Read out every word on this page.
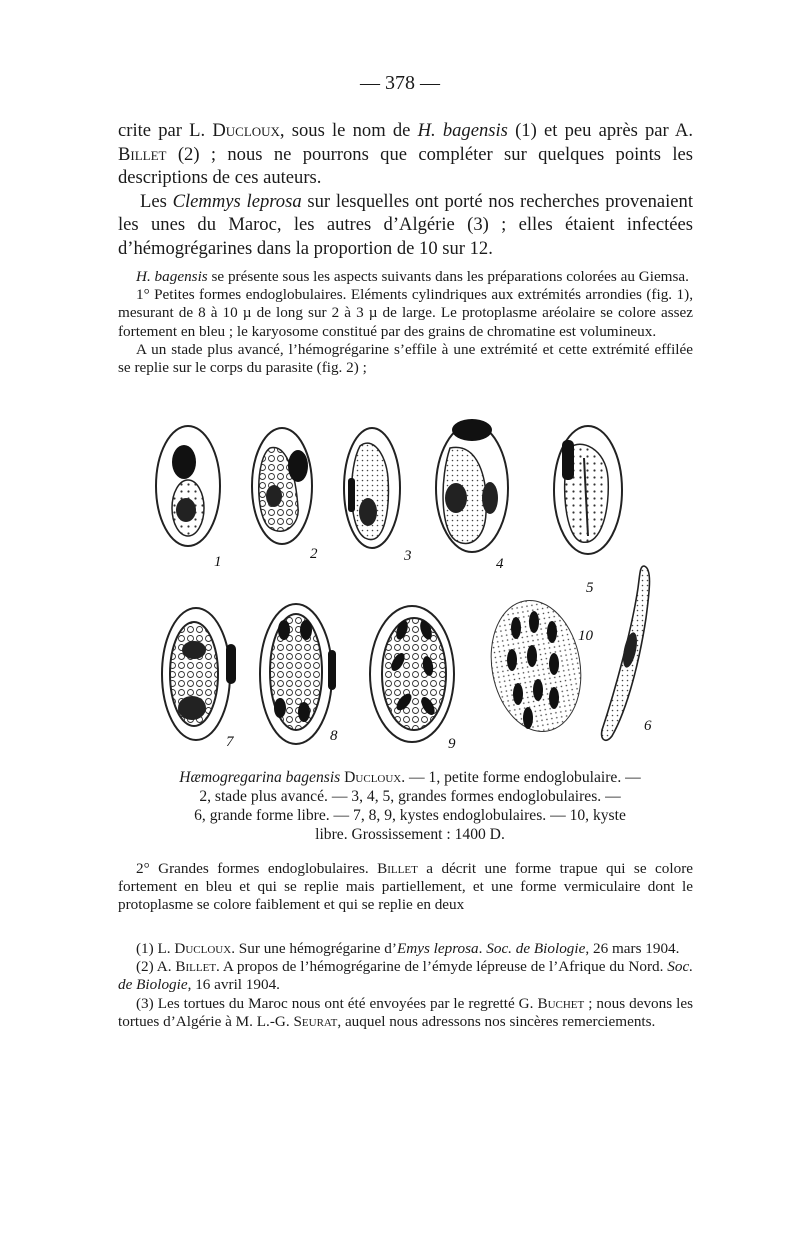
— 378 —

crite par L. Ducloux, sous le nom de H. bagensis (1) et peu après par A. Billet (2) ; nous ne pourrons que compléter sur quelques points les descriptions de ces auteurs.

Les Clemmys leprosa sur lesquelles ont porté nos recherches provenaient les unes du Maroc, les autres d’Algérie (3) ; elles étaient infectées d’hémogrégarines dans la proportion de 10 sur 12.

H. bagensis se présente sous les aspects suivants dans les préparations colorées au Giemsa.

1° Petites formes endoglobulaires. Eléments cylindriques aux extrémités arrondies (fig. 1), mesurant de 8 à 10 µ de long sur 2 à 3 µ de large. Le protoplasme aréolaire se colore assez fortement en bleu ; le karyosome constitué par des grains de chromatine est volumineux.

A un stade plus avancé, l’hémogrégarine s’effile à une extrémité et cette extrémité effilée se replie sur le corps du parasite (fig. 2) ;

1	2	3	4
5
6
7	8	9
10
Hæmogregarina bagensis Ducloux. — 1, petite forme endoglobulaire. —
2, stade plus avancé. — 3, 4, 5, grandes formes endoglobulaires. —
6, grande forme libre. — 7, 8, 9, kystes endoglobulaires. — 10, kyste
libre. Grossissement : 1400 D.

2° Grandes formes endoglobulaires. Billet a décrit une forme trapue qui se colore fortement en bleu et qui se replie mais partiellement, et une forme vermiculaire dont le protoplasme se colore faiblement et qui se replie en deux

(1) L. Ducloux. Sur une hémogrégarine d’Emys leprosa. Soc. de Biologie, 26 mars 1904.

(2) A. Billet. A propos de l’hémogrégarine de l’émyde lépreuse de l’Afrique du Nord. Soc. de Biologie, 16 avril 1904.

(3) Les tortues du Maroc nous ont été envoyées par le regretté G. Buchet ; nous devons les tortues d’Algérie à M. L.-G. Seurat, auquel nous adressons nos sincères remerciements.
